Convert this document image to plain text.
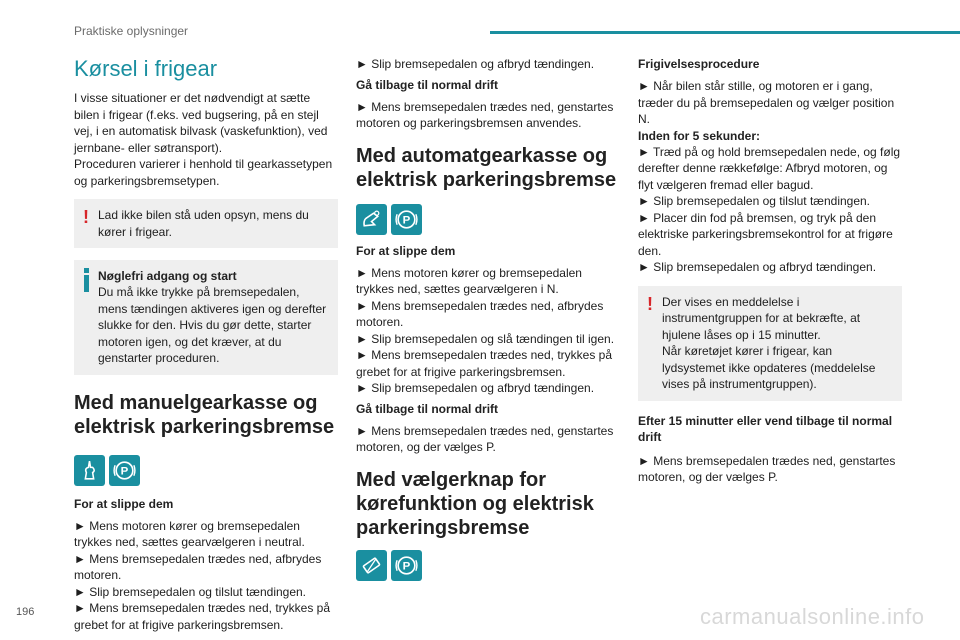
Praktiske oplysninger
Kørsel i frigear

I visse situationer er det nødvendigt at sætte bilen i frigear (f.eks. ved bugsering, på en stejl vej, i en automatisk bilvask (vaskefunktion), ved jernbane- eller søtransport).

Proceduren varierer i henhold til gearkassetypen og parkeringsbremsetypen.

! Lad ikke bilen stå uden opsyn, mens du kører i frigear.
Nøglefri adgang og start
Du må ikke trykke på bremsepedalen, mens tændingen aktiveres igen og derefter slukke for den. Hvis du gør dette, starter motoren igen, og det kræver, at du genstarter proceduren.
Med manuelgearkasse og elektrisk parkeringsbremse
P
For at slippe dem

► Mens motoren kører og bremsepedalen trykkes ned, sættes gearvælgeren i neutral.

► Mens bremsepedalen trædes ned, afbrydes motoren.

► Slip bremsepedalen og tilslut tændingen.

► Mens bremsepedalen trædes ned, trykkes på grebet for at frigive parkeringsbremsen.

► Slip bremsepedalen og afbryd tændingen.

Gå tilbage til normal drift

► Mens bremsepedalen trædes ned, genstartes motoren og parkeringsbremsen anvendes.

Med automatgearkasse og elektrisk parkeringsbremse
P
For at slippe dem

► Mens motoren kører og bremsepedalen trykkes ned, sættes gearvælgeren i N.

► Mens bremsepedalen trædes ned, afbrydes motoren.

► Slip bremsepedalen og slå tændingen til igen.

► Mens bremsepedalen trædes ned, trykkes på grebet for at frigive parkeringsbremsen.

► Slip bremsepedalen og afbryd tændingen.

Gå tilbage til normal drift

► Mens bremsepedalen trædes ned, genstartes motoren, og der vælges P.

Med vælgerknap for kørefunktion og elektrisk parkeringsbremse
P
Frigivelsesprocedure

► Når bilen står stille, og motoren er i gang, træder du på bremsepedalen og vælger position N.

Inden for 5 sekunder:

► Træd på og hold bremsepedalen nede, og følg derefter denne rækkefølge: Afbryd motoren, og flyt vælgeren fremad eller bagud.

► Slip bremsepedalen og tilslut tændingen.

► Placer din fod på bremsen, og tryk på den elektriske parkeringsbremsekontrol for at frigøre den.

► Slip bremsepedalen og afbryd tændingen.

! Der vises en meddelelse i instrumentgruppen for at bekræfte, at hjulene låses op i 15 minutter.
Når køretøjet kører i frigear, kan lydsystemet ikke opdateres (meddelelse vises på instrumentgruppen).
Efter 15 minutter eller vend tilbage til normal drift

► Mens bremsepedalen trædes ned, genstartes motoren, og der vælges P.

196	carmanualsonline.info
